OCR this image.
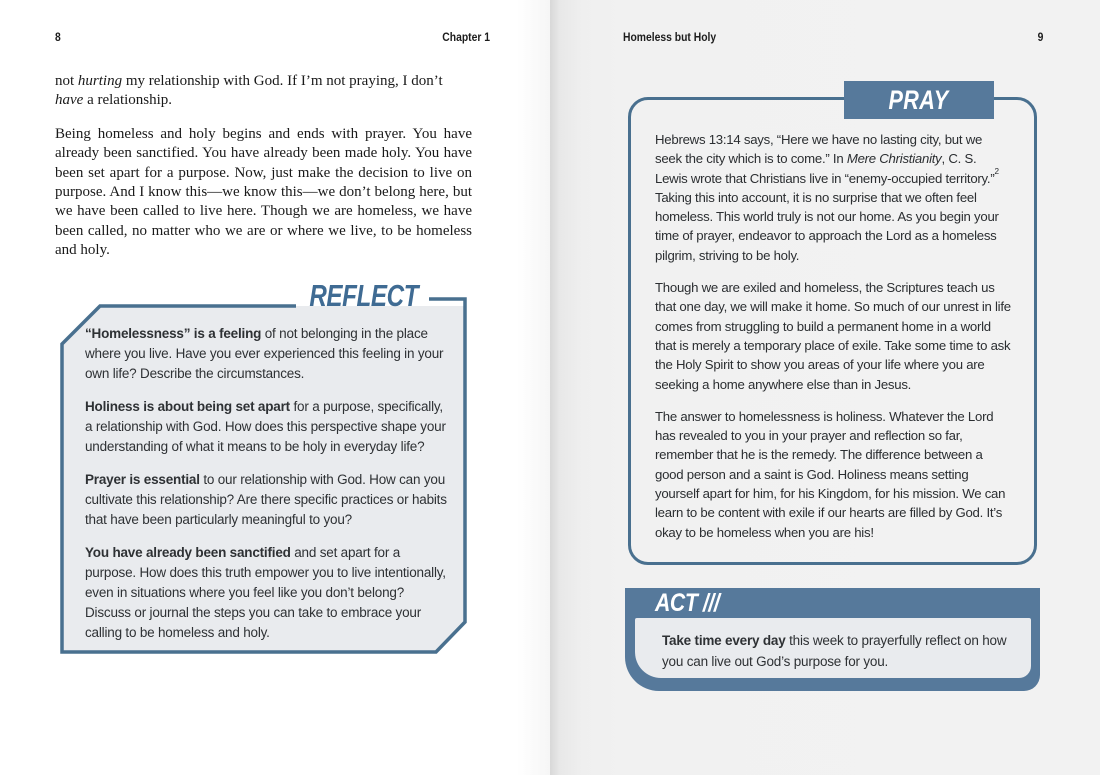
8	Chapter 1

not hurting my relationship with God. If I’m not praying, I don’t have a relationship.

Being homeless and holy begins and ends with prayer. You have already been sanctified. You have already been made holy. You have been set apart for a purpose. Now, just make the decision to live on purpose. And I know this—we know this—we don’t belong here, but we have been called to live here. Though we are homeless, we have been called, no matter who we are or where we live, to be homeless and holy.

REFLECT

“Homelessness” is a feeling of not belonging in the place where you live. Have you ever experienced this feeling in your own life? Describe the circumstances.

Holiness is about being set apart for a purpose, specifically, a relationship with God. How does this perspective shape your understanding of what it means to be holy in everyday life?

Prayer is essential to our relationship with God. How can you cultivate this relationship? Are there specific practices or habits that have been particularly meaningful to you?

You have already been sanctified and set apart for a purpose. How does this truth empower you to live intentionally, even in situations where you feel like you don’t belong? Discuss or journal the steps you can take to embrace your calling to be homeless and holy.

Homeless but Holy	9
PRAY

Hebrews 13:14 says, “Here we have no lasting city, but we seek the city which is to come.” In Mere Christianity, C. S. Lewis wrote that Christians live in “enemy-occupied territory.”$^2$ Taking this into account, it is no surprise that we often feel homeless. This world truly is not our home. As you begin your time of prayer, endeavor to approach the Lord as a homeless pilgrim, striving to be holy.

Though we are exiled and homeless, the Scriptures teach us that one day, we will make it home. So much of our unrest in life comes from struggling to build a permanent home in a world that is merely a temporary place of exile. Take some time to ask the Holy Spirit to show you areas of your life where you are seeking a home anywhere else than in Jesus.

The answer to homelessness is holiness. Whatever the Lord has revealed to you in your prayer and reflection so far, remember that he is the remedy. The difference between a good person and a saint is God. Holiness means setting yourself apart for him, for his Kingdom, for his mission. We can learn to be content with exile if our hearts are filled by God. It’s okay to be homeless when you are his!

ACT ///

Take time every day this week to prayerfully reflect on how you can live out God’s purpose for you.
